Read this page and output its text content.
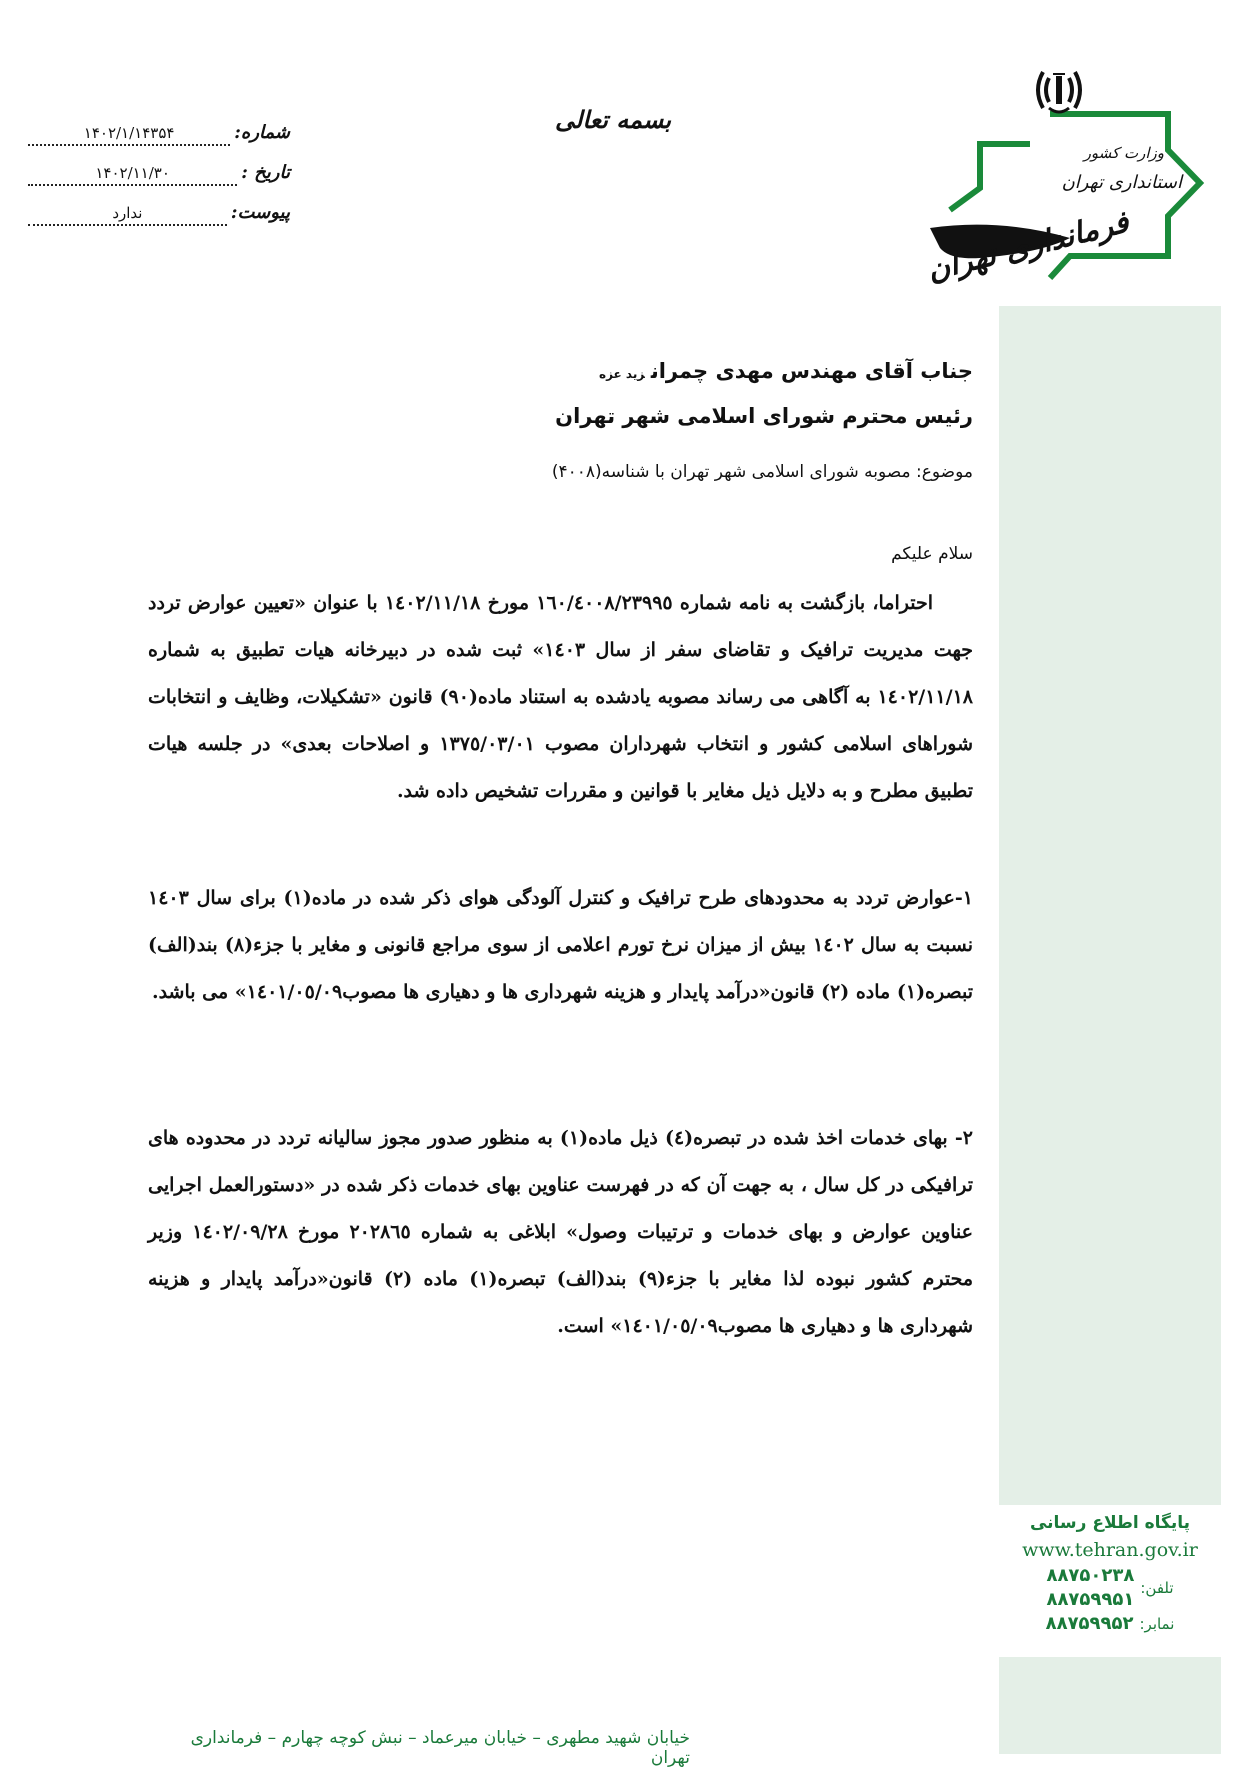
وزارت کشور
استانداری تهران
فرمانداری تهران
بسمه تعالی
شماره:
۱۴۰۲/۱/۱۴۳۵۴
تاریخ :
۱۴۰۲/۱۱/۳۰
پیوست:
ندارد
جناب آقای مهندس مهدی چمرانزید عزه
رئیس محترم شورای اسلامی شهر تهران
موضوع: مصوبه شورای اسلامی شهر تهران با شناسه(۴۰۰۸)
سلام علیکم
احتراما، بازگشت به نامه شماره ١٦٠/٤٠٠٨/٢٣٩٩٥ مورخ ١٤٠٢/١١/١٨ با عنوان «تعیین عوارض تردد جهت مدیریت ترافیک و تقاضای سفر از سال ١٤٠٣» ثبت شده در دبیرخانه هیات تطبیق به شماره ١٤٠٢/١١/١٨ به آگاهی می رساند مصوبه یادشده به استناد ماده(٩٠) قانون «تشکیلات، وظایف و انتخابات شوراهای اسلامی کشور و انتخاب شهرداران مصوب ١٣٧٥/٠٣/٠١ و اصلاحات بعدی» در جلسه هیات تطبیق مطرح و به دلایل ذیل مغایر با قوانین و مقررات تشخیص داده شد.
١-عوارض تردد به محدودهای طرح ترافیک و کنترل آلودگی هوای ذکر شده در ماده(١) برای سال ١٤٠٣ نسبت به سال ١٤٠٢ بیش از میزان نرخ تورم اعلامی از سوی مراجع قانونی و مغایر با جزء(٨) بند(الف) تبصره(١) ماده (٢) قانون«درآمد پایدار و هزینه شهرداری ها و دهیاری ها مصوب١٤٠١/٠٥/٠٩» می باشد.
٢- بهای خدمات اخذ شده در تبصره(٤) ذیل ماده(١) به منظور صدور مجوز سالیانه تردد در محدوده های ترافیکی در کل سال ، به جهت آن که در فهرست عناوین بهای خدمات ذکر شده در «دستورالعمل اجرایی عناوین عوارض و بهای خدمات و ترتیبات وصول» ابلاغی به شماره ٢٠٢٨٦٥ مورخ ١٤٠٢/٠٩/٢٨ وزیر محترم کشور نبوده لذا مغایر با جزء(٩) بند(الف) تبصره(١) ماده (٢) قانون«درآمد پایدار و هزینه شهرداری ها و دهیاری ها مصوب١٤٠١/٠٥/٠٩» است.
پایگاه اطلاع رسانی
www.tehran.gov.ir
تلفن:
۸۸۷۵۰۲۳۸
۸۸۷۵۹۹۵۱
نمابر:
۸۸۷۵۹۹۵۲
خیابان شهید مطهری – خیابان میرعماد – نبش کوچه چهارم – فرمانداری تهران
